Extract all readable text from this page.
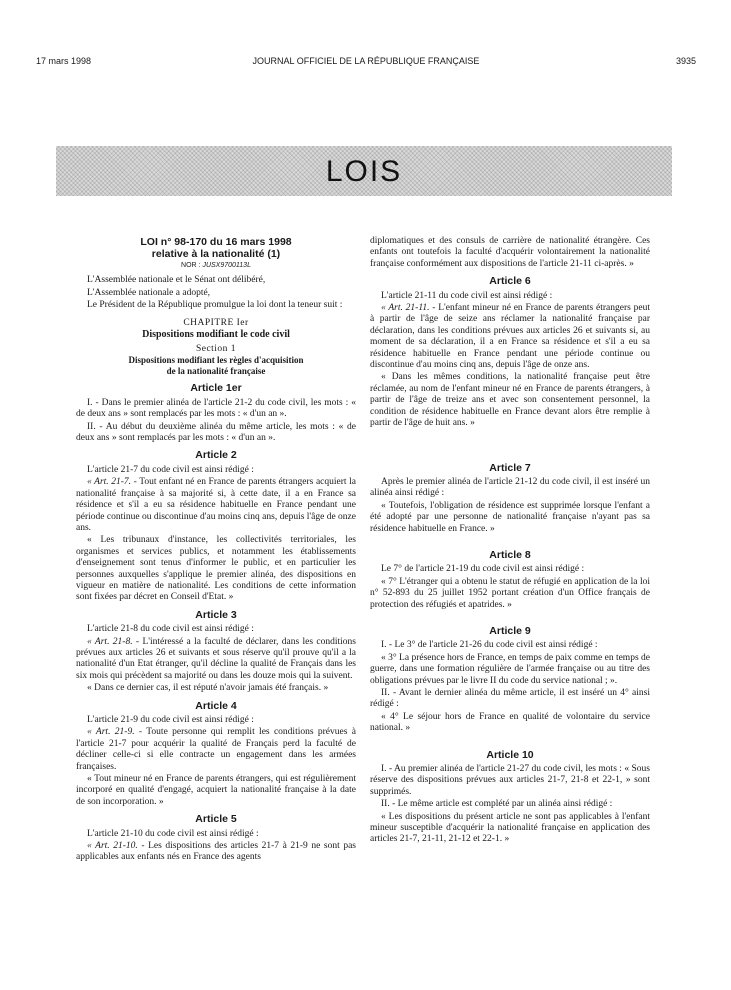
17 mars 1998	JOURNAL OFFICIEL DE LA RÉPUBLIQUE FRANÇAISE	3935
LOIS
LOI n° 98-170 du 16 mars 1998
relative à la nationalité (1)
NOR : JUSX9700113L

L'Assemblée nationale et le Sénat ont délibéré,

L'Assemblée nationale a adopté,

Le Président de la République promulgue la loi dont la teneur suit :

CHAPITRE Ier
Dispositions modifiant le code civil
Section 1
Dispositions modifiant les règles d'acquisition
de la nationalité française
Article 1er

I. - Dans le premier alinéa de l'article 21-2 du code civil, les mots : « de deux ans » sont remplacés par les mots : « d'un an ».

II. - Au début du deuxième alinéa du même article, les mots : « de deux ans » sont remplacés par les mots : « d'un an ».

Article 2

L'article 21-7 du code civil est ainsi rédigé :

« Art. 21-7. - Tout enfant né en France de parents étrangers acquiert la nationalité française à sa majorité si, à cette date, il a en France sa résidence et s'il a eu sa résidence habituelle en France pendant une période continue ou discontinue d'au moins cinq ans, depuis l'âge de onze ans.

« Les tribunaux d'instance, les collectivités territoriales, les organismes et services publics, et notamment les établissements d'enseignement sont tenus d'informer le public, et en particulier les personnes auxquelles s'applique le premier alinéa, des dispositions en vigueur en matière de nationalité. Les conditions de cette information sont fixées par décret en Conseil d'Etat. »

Article 3

L'article 21-8 du code civil est ainsi rédigé :

« Art. 21-8. - L'intéressé a la faculté de déclarer, dans les conditions prévues aux articles 26 et suivants et sous réserve qu'il prouve qu'il a la nationalité d'un Etat étranger, qu'il décline la qualité de Français dans les six mois qui précèdent sa majorité ou dans les douze mois qui la suivent.

« Dans ce dernier cas, il est réputé n'avoir jamais été français. »

Article 4

L'article 21-9 du code civil est ainsi rédigé :

« Art. 21-9. - Toute personne qui remplit les conditions prévues à l'article 21-7 pour acquérir la qualité de Français perd la faculté de décliner celle-ci si elle contracte un engagement dans les armées françaises.

« Tout mineur né en France de parents étrangers, qui est régulièrement incorporé en qualité d'engagé, acquiert la nationalité française à la date de son incorporation. »

Article 5

L'article 21-10 du code civil est ainsi rédigé :

« Art. 21-10. - Les dispositions des articles 21-7 à 21-9 ne sont pas applicables aux enfants nés en France des agents

diplomatiques et des consuls de carrière de nationalité étrangère. Ces enfants ont toutefois la faculté d'acquérir volontairement la nationalité française conformément aux dispositions de l'article 21-11 ci-après. »

Article 6

L'article 21-11 du code civil est ainsi rédigé :

« Art. 21-11. - L'enfant mineur né en France de parents étrangers peut à partir de l'âge de seize ans réclamer la nationalité française par déclaration, dans les conditions prévues aux articles 26 et suivants si, au moment de sa déclaration, il a en France sa résidence et s'il a eu sa résidence habituelle en France pendant une période continue ou discontinue d'au moins cinq ans, depuis l'âge de onze ans.

« Dans les mêmes conditions, la nationalité française peut être réclamée, au nom de l'enfant mineur né en France de parents étrangers, à partir de l'âge de treize ans et avec son consentement personnel, la condition de résidence habituelle en France devant alors être remplie à partir de l'âge de huit ans. »

Article 7

Après le premier alinéa de l'article 21-12 du code civil, il est inséré un alinéa ainsi rédigé :

« Toutefois, l'obligation de résidence est supprimée lorsque l'enfant a été adopté par une personne de nationalité française n'ayant pas sa résidence habituelle en France. »

Article 8

Le 7° de l'article 21-19 du code civil est ainsi rédigé :

« 7° L'étranger qui a obtenu le statut de réfugié en application de la loi n° 52-893 du 25 juillet 1952 portant création d'un Office français de protection des réfugiés et apatrides. »

Article 9

I. - Le 3° de l'article 21-26 du code civil est ainsi rédigé :

« 3° La présence hors de France, en temps de paix comme en temps de guerre, dans une formation régulière de l'armée française ou au titre des obligations prévues par le livre II du code du service national ; ».

II. - Avant le dernier alinéa du même article, il est inséré un 4° ainsi rédigé :

« 4° Le séjour hors de France en qualité de volontaire du service national. »

Article 10

I. - Au premier alinéa de l'article 21-27 du code civil, les mots : « Sous réserve des dispositions prévues aux articles 21-7, 21-8 et 22-1, » sont supprimés.

II. - Le même article est complété par un alinéa ainsi rédigé :

« Les dispositions du présent article ne sont pas applicables à l'enfant mineur susceptible d'acquérir la nationalité française en application des articles 21-7, 21-11, 21-12 et 22-1. »
